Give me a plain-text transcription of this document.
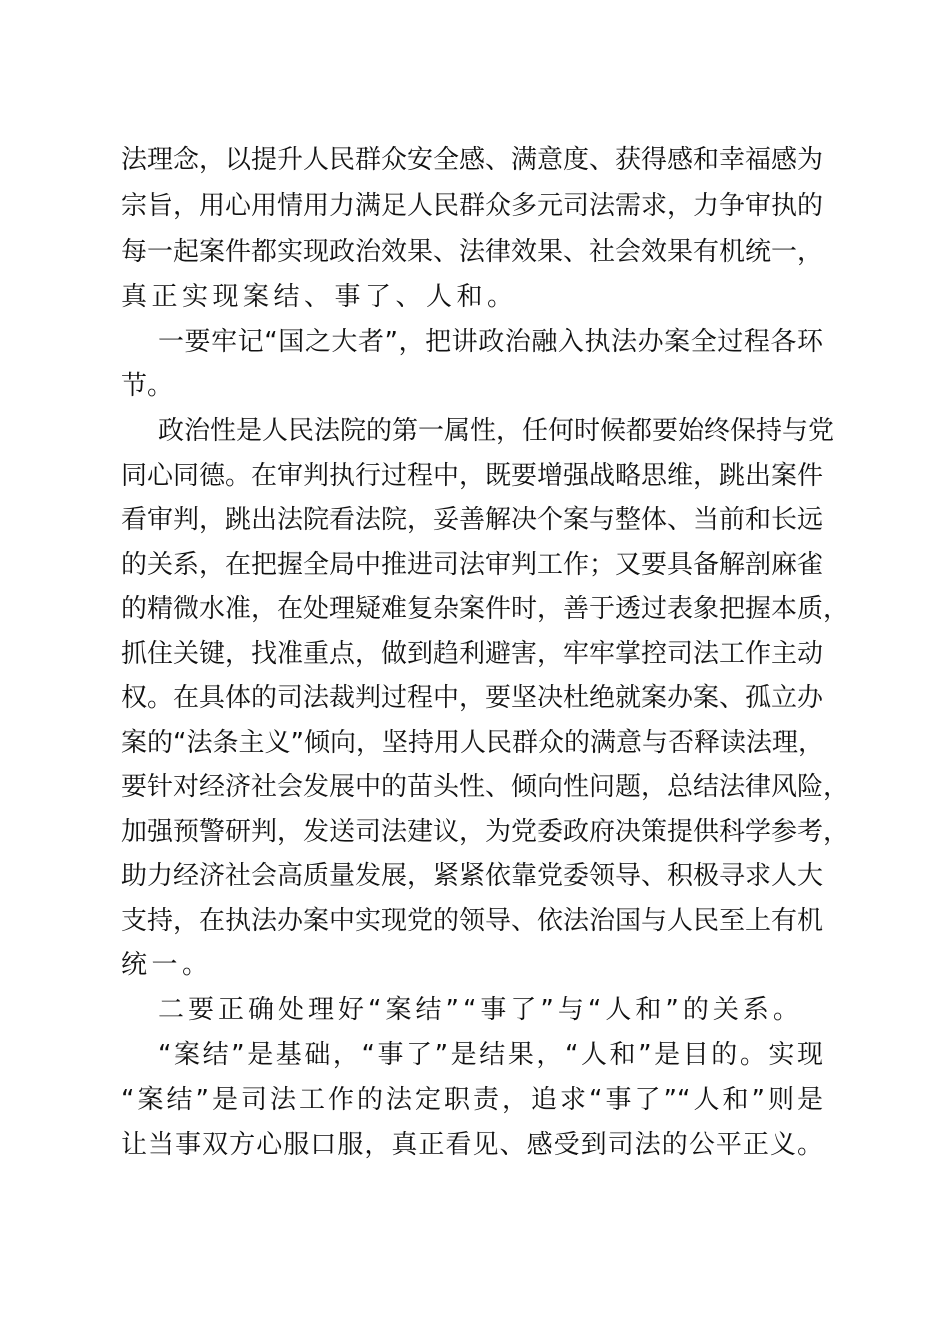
法理念，以提升人民群众安全感、满意度、获得感和幸福感为
宗旨，用心用情用力满足人民群众多元司法需求，力争审执的
每一起案件都实现政治效果、法律效果、社会效果有机统一，
真正实现案结、事了、人和。
一要牢记“国之大者”，把讲政治融入执法办案全过程各环
节。
政治性是人民法院的第一属性，任何时候都要始终保持与党
同心同德。在审判执行过程中，既要增强战略思维，跳出案件
看审判，跳出法院看法院，妥善解决个案与整体、当前和长远
的关系，在把握全局中推进司法审判工作；又要具备解剖麻雀
的精微水准，在处理疑难复杂案件时，善于透过表象把握本质，
抓住关键，找准重点，做到趋利避害，牢牢掌控司法工作主动
权。在具体的司法裁判过程中，要坚决杜绝就案办案、孤立办
案的“法条主义”倾向，坚持用人民群众的满意与否释读法理，
要针对经济社会发展中的苗头性、倾向性问题，总结法律风险，
加强预警研判，发送司法建议，为党委政府决策提供科学参考，
助力经济社会高质量发展，紧紧依靠党委领导、积极寻求人大
支持，在执法办案中实现党的领导、依法治国与人民至上有机
统一。
二要正确处理好“案结”“事了”与“人和”的关系。
“案结”是基础，“事了”是结果，“人和”是目的。实现
“案结”是司法工作的法定职责，追求“事了”“人和”则是
让当事双方心服口服，真正看见、感受到司法的公平正义。
